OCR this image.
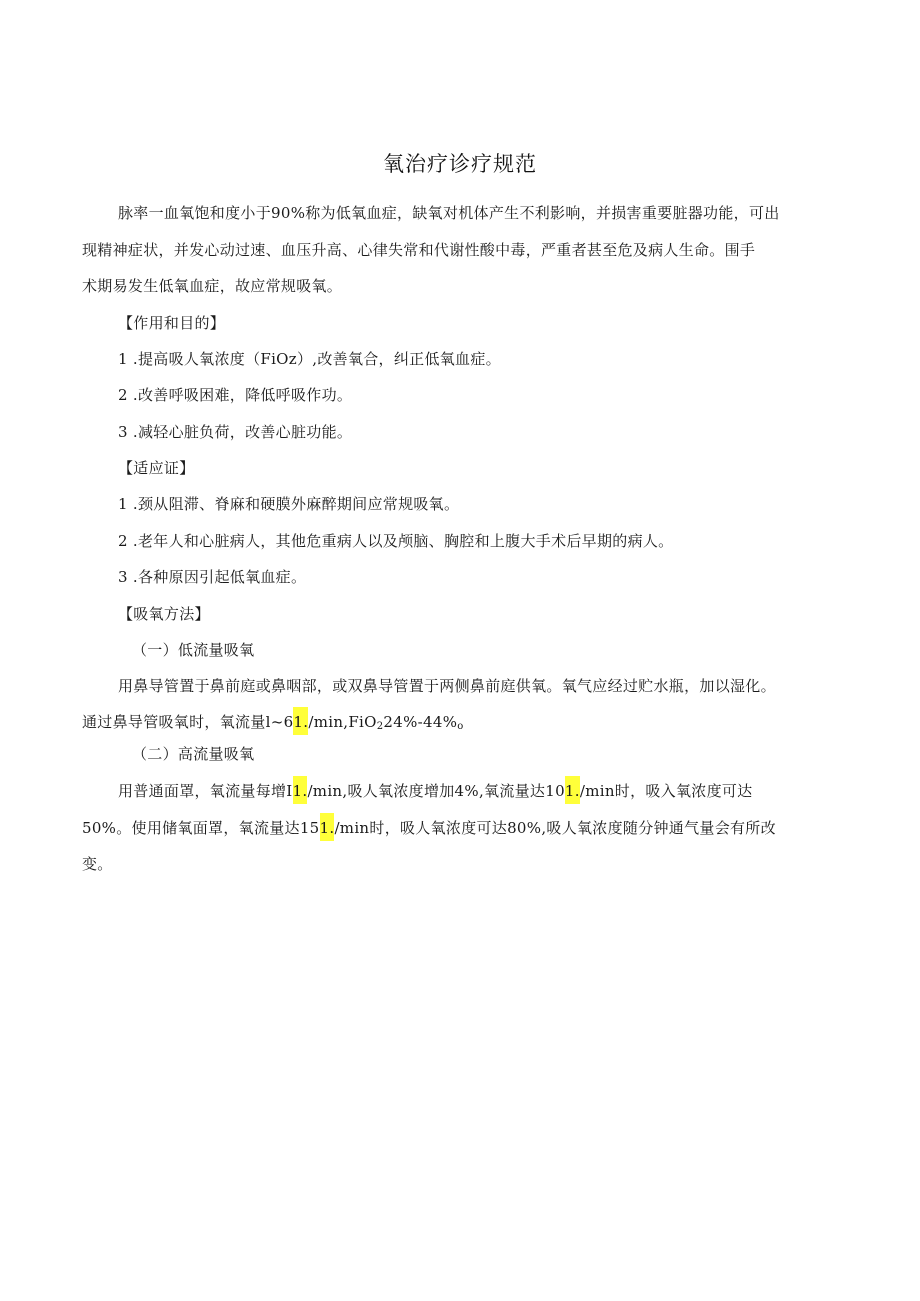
氧治疗诊疗规范
脉率一血氧饱和度小于90%称为低氧血症，缺氧对机体产生不利影响，并损害重要脏器功能，可出
现精神症状，并发心动过速、血压升高、心律失常和代谢性酸中毒，严重者甚至危及病人生命。围手
术期易发生低氧血症，故应常规吸氧。
【作用和目的】
1 .提高吸人氧浓度（FiOz）,改善氧合，纠正低氧血症。
2 .改善呼吸困难，降低呼吸作功。
3 .减轻心脏负荷，改善心脏功能。
【适应证】
1 .颈从阻滞、脊麻和硬膜外麻醉期间应常规吸氧。
2 .老年人和心脏病人，其他危重病人以及颅脑、胸腔和上腹大手术后早期的病人。
3 .各种原因引起低氧血症。
【吸氧方法】
（一）低流量吸氧
用鼻导管置于鼻前庭或鼻咽部，或双鼻导管置于两侧鼻前庭供氧。氧气应经过贮水瓶，加以湿化。
通过鼻导管吸氧时，氧流量$l\sim 61./\min,FiO_224\%-44\%_o$
（二）高流量吸氧
用普通面罩，氧流量每增I1./min,吸人氧浓度增加4%,氧流量达101./min时，吸入氧浓度可达
50%。使用储氧面罩，氧流量达151./min时，吸人氧浓度可达80%,吸人氧浓度随分钟通气量会有所改
变。
